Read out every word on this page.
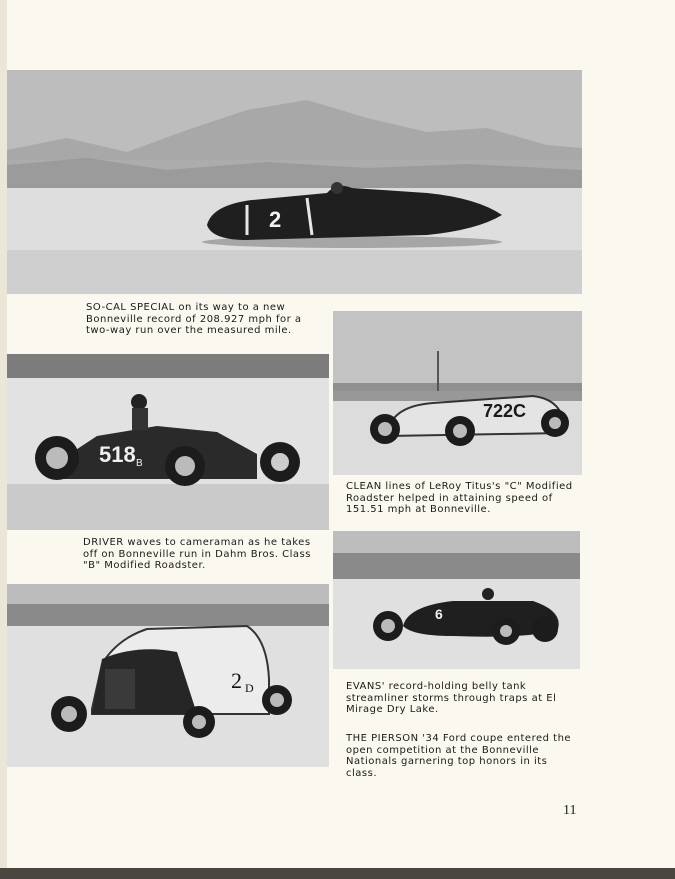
2

SO-CAL SPECIAL on its way to a new Bonneville record of 208.927 mph for a two-way run over the measured mile.

518 B
722C

CLEAN lines of LeRoy Titus's "C" Modified Roadster helped in attaining speed of 151.51 mph at Bonneville.

DRIVER waves to cameraman as he takes off on Bonneville run in Dahm Bros. Class "B" Modified Roadster.

6

EVANS' record-holding belly tank streamliner storms through traps at El Mirage Dry Lake.

2 D

THE PIERSON '34 Ford coupe entered the open competition at the Bonneville Nationals garnering top honors in its class.

11
